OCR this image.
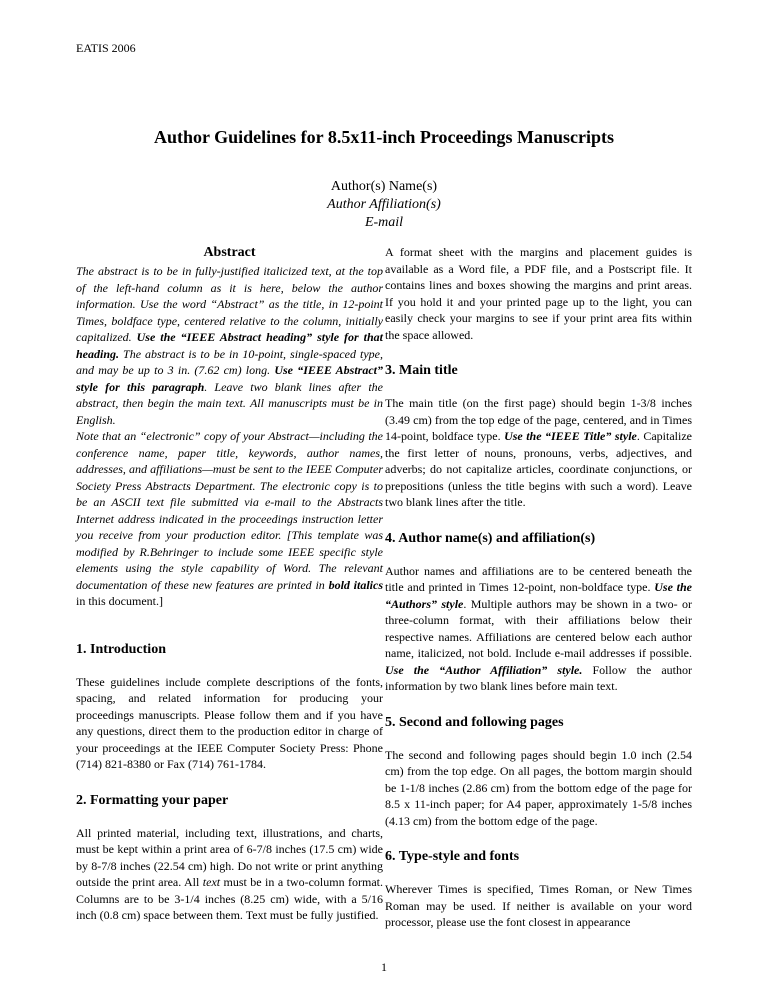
EATIS 2006
Author Guidelines for 8.5x11-inch Proceedings Manuscripts
Author(s) Name(s)
Author Affiliation(s)
E-mail
Abstract

The abstract is to be in fully-justified italicized text, at the top of the left-hand column as it is here, below the author information. Use the word “Abstract” as the title, in 12-point Times, boldface type, centered relative to the column, initially capitalized. Use the “IEEE Abstract heading” style for that heading. The abstract is to be in 10-point, single-spaced type, and may be up to 3 in. (7.62 cm) long. Use “IEEE Abstract” style for this paragraph. Leave two blank lines after the abstract, then begin the main text. All manuscripts must be in English.

Note that an “electronic” copy of your Abstract—including the conference name, paper title, keywords, author names, addresses, and affiliations—must be sent to the IEEE Computer Society Press Abstracts Department. The electronic copy is to be an ASCII text file submitted via e-mail to the Abstracts Internet address indicated in the proceedings instruction letter you receive from your production editor. [This template was modified by R.Behringer to include some IEEE specific style elements using the style capability of Word. The relevant documentation of these new features are printed in bold italics in this document.]

1. Introduction

These guidelines include complete descriptions of the fonts, spacing, and related information for producing your proceedings manuscripts. Please follow them and if you have any questions, direct them to the production editor in charge of your proceedings at the IEEE Computer Society Press: Phone (714) 821-8380 or Fax (714) 761-1784.

2. Formatting your paper

All printed material, including text, illustrations, and charts, must be kept within a print area of 6-7/8 inches (17.5 cm) wide by 8-7/8 inches (22.54 cm) high. Do not write or print anything outside the print area. All text must be in a two-column format. Columns are to be 3-1/4 inches (8.25 cm) wide, with a 5/16 inch (0.8 cm) space between them. Text must be fully justified.

A format sheet with the margins and placement guides is available as a Word file, a PDF file, and a Postscript file. It contains lines and boxes showing the margins and print areas. If you hold it and your printed page up to the light, you can easily check your margins to see if your print area fits within the space allowed.

3. Main title

The main title (on the first page) should begin 1-3/8 inches (3.49 cm) from the top edge of the page, centered, and in Times 14-point, boldface type. Use the “IEEE Title” style. Capitalize the first letter of nouns, pronouns, verbs, adjectives, and adverbs; do not capitalize articles, coordinate conjunctions, or prepositions (unless the title begins with such a word). Leave two blank lines after the title.

4. Author name(s) and affiliation(s)

Author names and affiliations are to be centered beneath the title and printed in Times 12-point, non-boldface type. Use the “Authors” style. Multiple authors may be shown in a two- or three-column format, with their affiliations below their respective names. Affiliations are centered below each author name, italicized, not bold. Include e-mail addresses if possible. Use the “Author Affiliation” style. Follow the author information by two blank lines before main text.

5. Second and following pages

The second and following pages should begin 1.0 inch (2.54 cm) from the top edge. On all pages, the bottom margin should be 1-1/8 inches (2.86 cm) from the bottom edge of the page for 8.5 x 11-inch paper; for A4 paper, approximately 1-5/8 inches (4.13 cm) from the bottom edge of the page.

6. Type-style and fonts

Wherever Times is specified, Times Roman, or New Times Roman may be used. If neither is available on your word processor, please use the font closest in appearance

1
